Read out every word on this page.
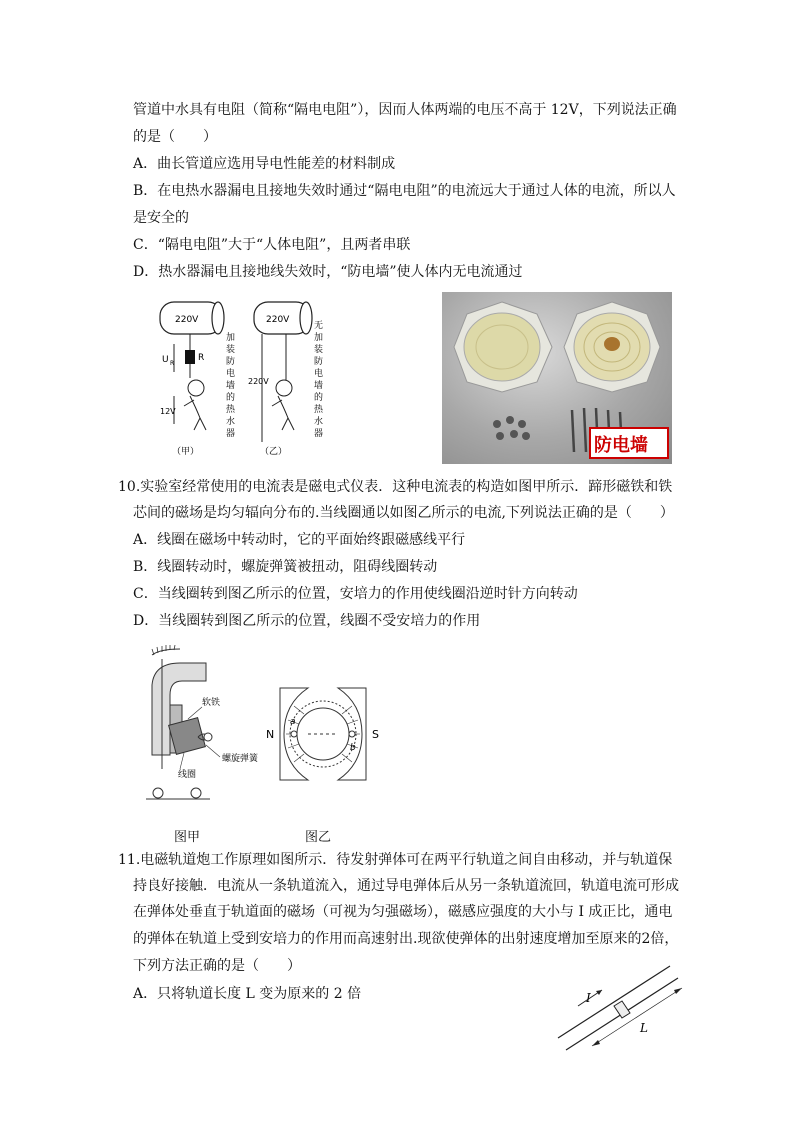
管道中水具有电阻（简称“隔电电阻”），因而人体两端的电压不高于 12V，下列说法正确
的是（　　）
A．曲长管道应选用导电性能差的材料制成
B．在电热水器漏电且接地失效时通过“隔电电阻”的电流远大于通过人体的电流，所以人
是安全的
C．“隔电电阻”大于“人体电阻”，且两者串联
D．热水器漏电且接地线失效时，“防电墙”使人体内无电流通过
220V
R
U R
12V
加
装
防
电
墙
的
热
水
器
（甲）
220V
220V
无
加
装
防
电
墙
的
热
水
器
（乙）	防电墙
10.实验室经常使用的电流表是磁电式仪表．这种电流表的构造如图甲所示．蹄形磁铁和铁
芯间的磁场是均匀辐向分布的.当线圈通以如图乙所示的电流,下列说法正确的是（　　）
A．线圈在磁场中转动时，它的平面始终跟磁感线平行
B．线圈转动时，螺旋弹簧被扭动，阻碍线圈转动
C．当线圈转到图乙所示的位置，安培力的作用使线圈沿逆时针方向转动
D．当线圈转到图乙所示的位置，线圈不受安培力的作用
软铁
螺旋弹簧
线圈
N	S
a
b
图甲	图乙
11.电磁轨道炮工作原理如图所示．待发射弹体可在两平行轨道之间自由移动，并与轨道保
持良好接触．电流从一条轨道流入，通过导电弹体后从另一条轨道流回，轨道电流可形成
在弹体处垂直于轨道面的磁场（可视为匀强磁场），磁感应强度的大小与 I 成正比，通电
的弹体在轨道上受到安培力的作用而高速射出.现欲使弹体的出射速度增加至原来的2倍，
下列方法正确的是（　　）
A．只将轨道长度 L 变为原来的 2 倍	I
L
